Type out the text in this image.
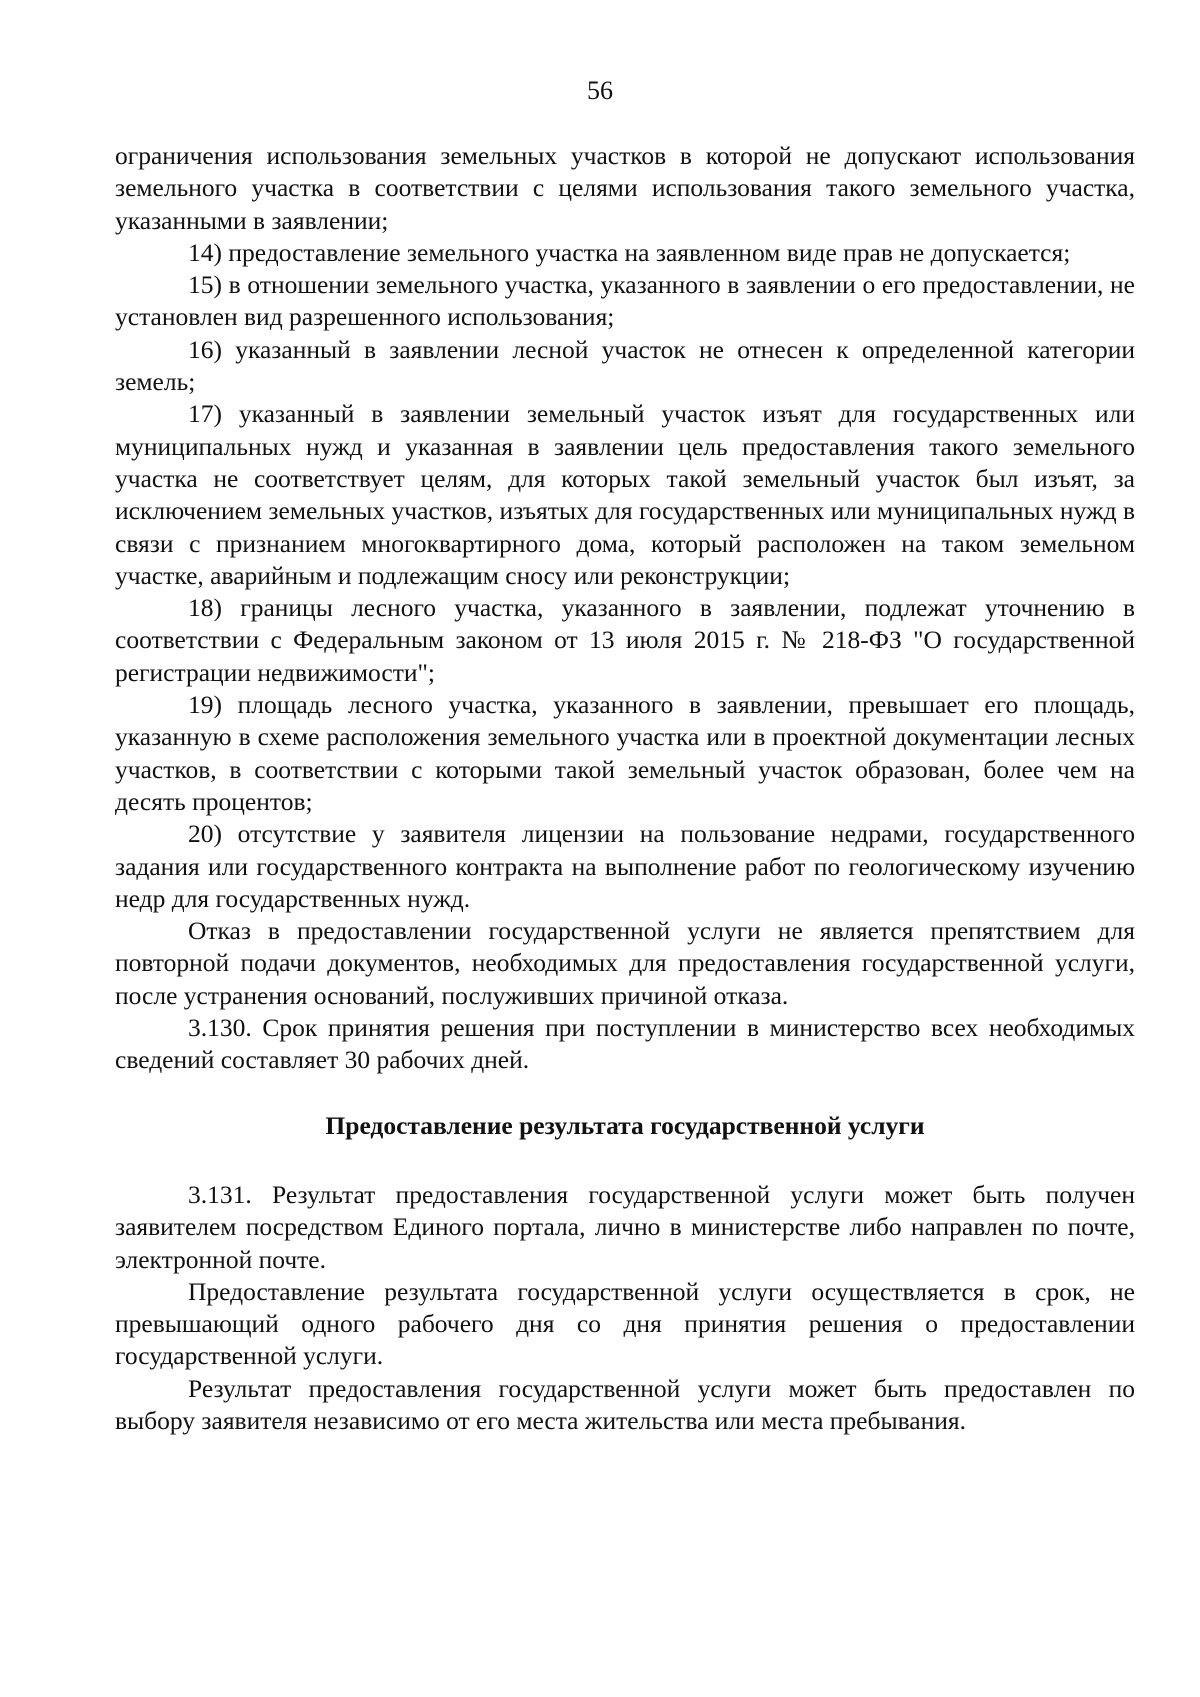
56

ограничения использования земельных участков в которой не допускают использования земельного участка в соответствии с целями использования такого земельного участка, указанными в заявлении;

14) предоставление земельного участка на заявленном виде прав не допускается;

15) в отношении земельного участка, указанного в заявлении о его предоставлении, не установлен вид разрешенного использования;

16) указанный в заявлении лесной участок не отнесен к определенной категории земель;

17) указанный в заявлении земельный участок изъят для государственных или муниципальных нужд и указанная в заявлении цель предоставления такого земельного участка не соответствует целям, для которых такой земельный участок был изъят, за исключением земельных участков, изъятых для государственных или муниципальных нужд в связи с признанием многоквартирного дома, который расположен на таком земельном участке, аварийным и подлежащим сносу или реконструкции;

18) границы лесного участка, указанного в заявлении, подлежат уточнению в соответствии с Федеральным законом от 13 июля 2015 г. № 218-ФЗ "О государственной регистрации недвижимости";

19) площадь лесного участка, указанного в заявлении, превышает его площадь, указанную в схеме расположения земельного участка или в проектной документации лесных участков, в соответствии с которыми такой земельный участок образован, более чем на десять процентов;

20) отсутствие у заявителя лицензии на пользование недрами, государственного задания или государственного контракта на выполнение работ по геологическому изучению недр для государственных нужд.

Отказ в предоставлении государственной услуги не является препятствием для повторной подачи документов, необходимых для предоставления государственной услуги, после устранения оснований, послуживших причиной отказа.

3.130. Срок принятия решения при поступлении в министерство всех необходимых сведений составляет 30 рабочих дней.

Предоставление результата государственной услуги

3.131. Результат предоставления государственной услуги может быть получен заявителем посредством Единого портала, лично в министерстве либо направлен по почте, электронной почте.

Предоставление результата государственной услуги осуществляется в срок, не превышающий одного рабочего дня со дня принятия решения о предоставлении государственной услуги.

Результат предоставления государственной услуги может быть предоставлен по выбору заявителя независимо от его места жительства или места пребывания.
